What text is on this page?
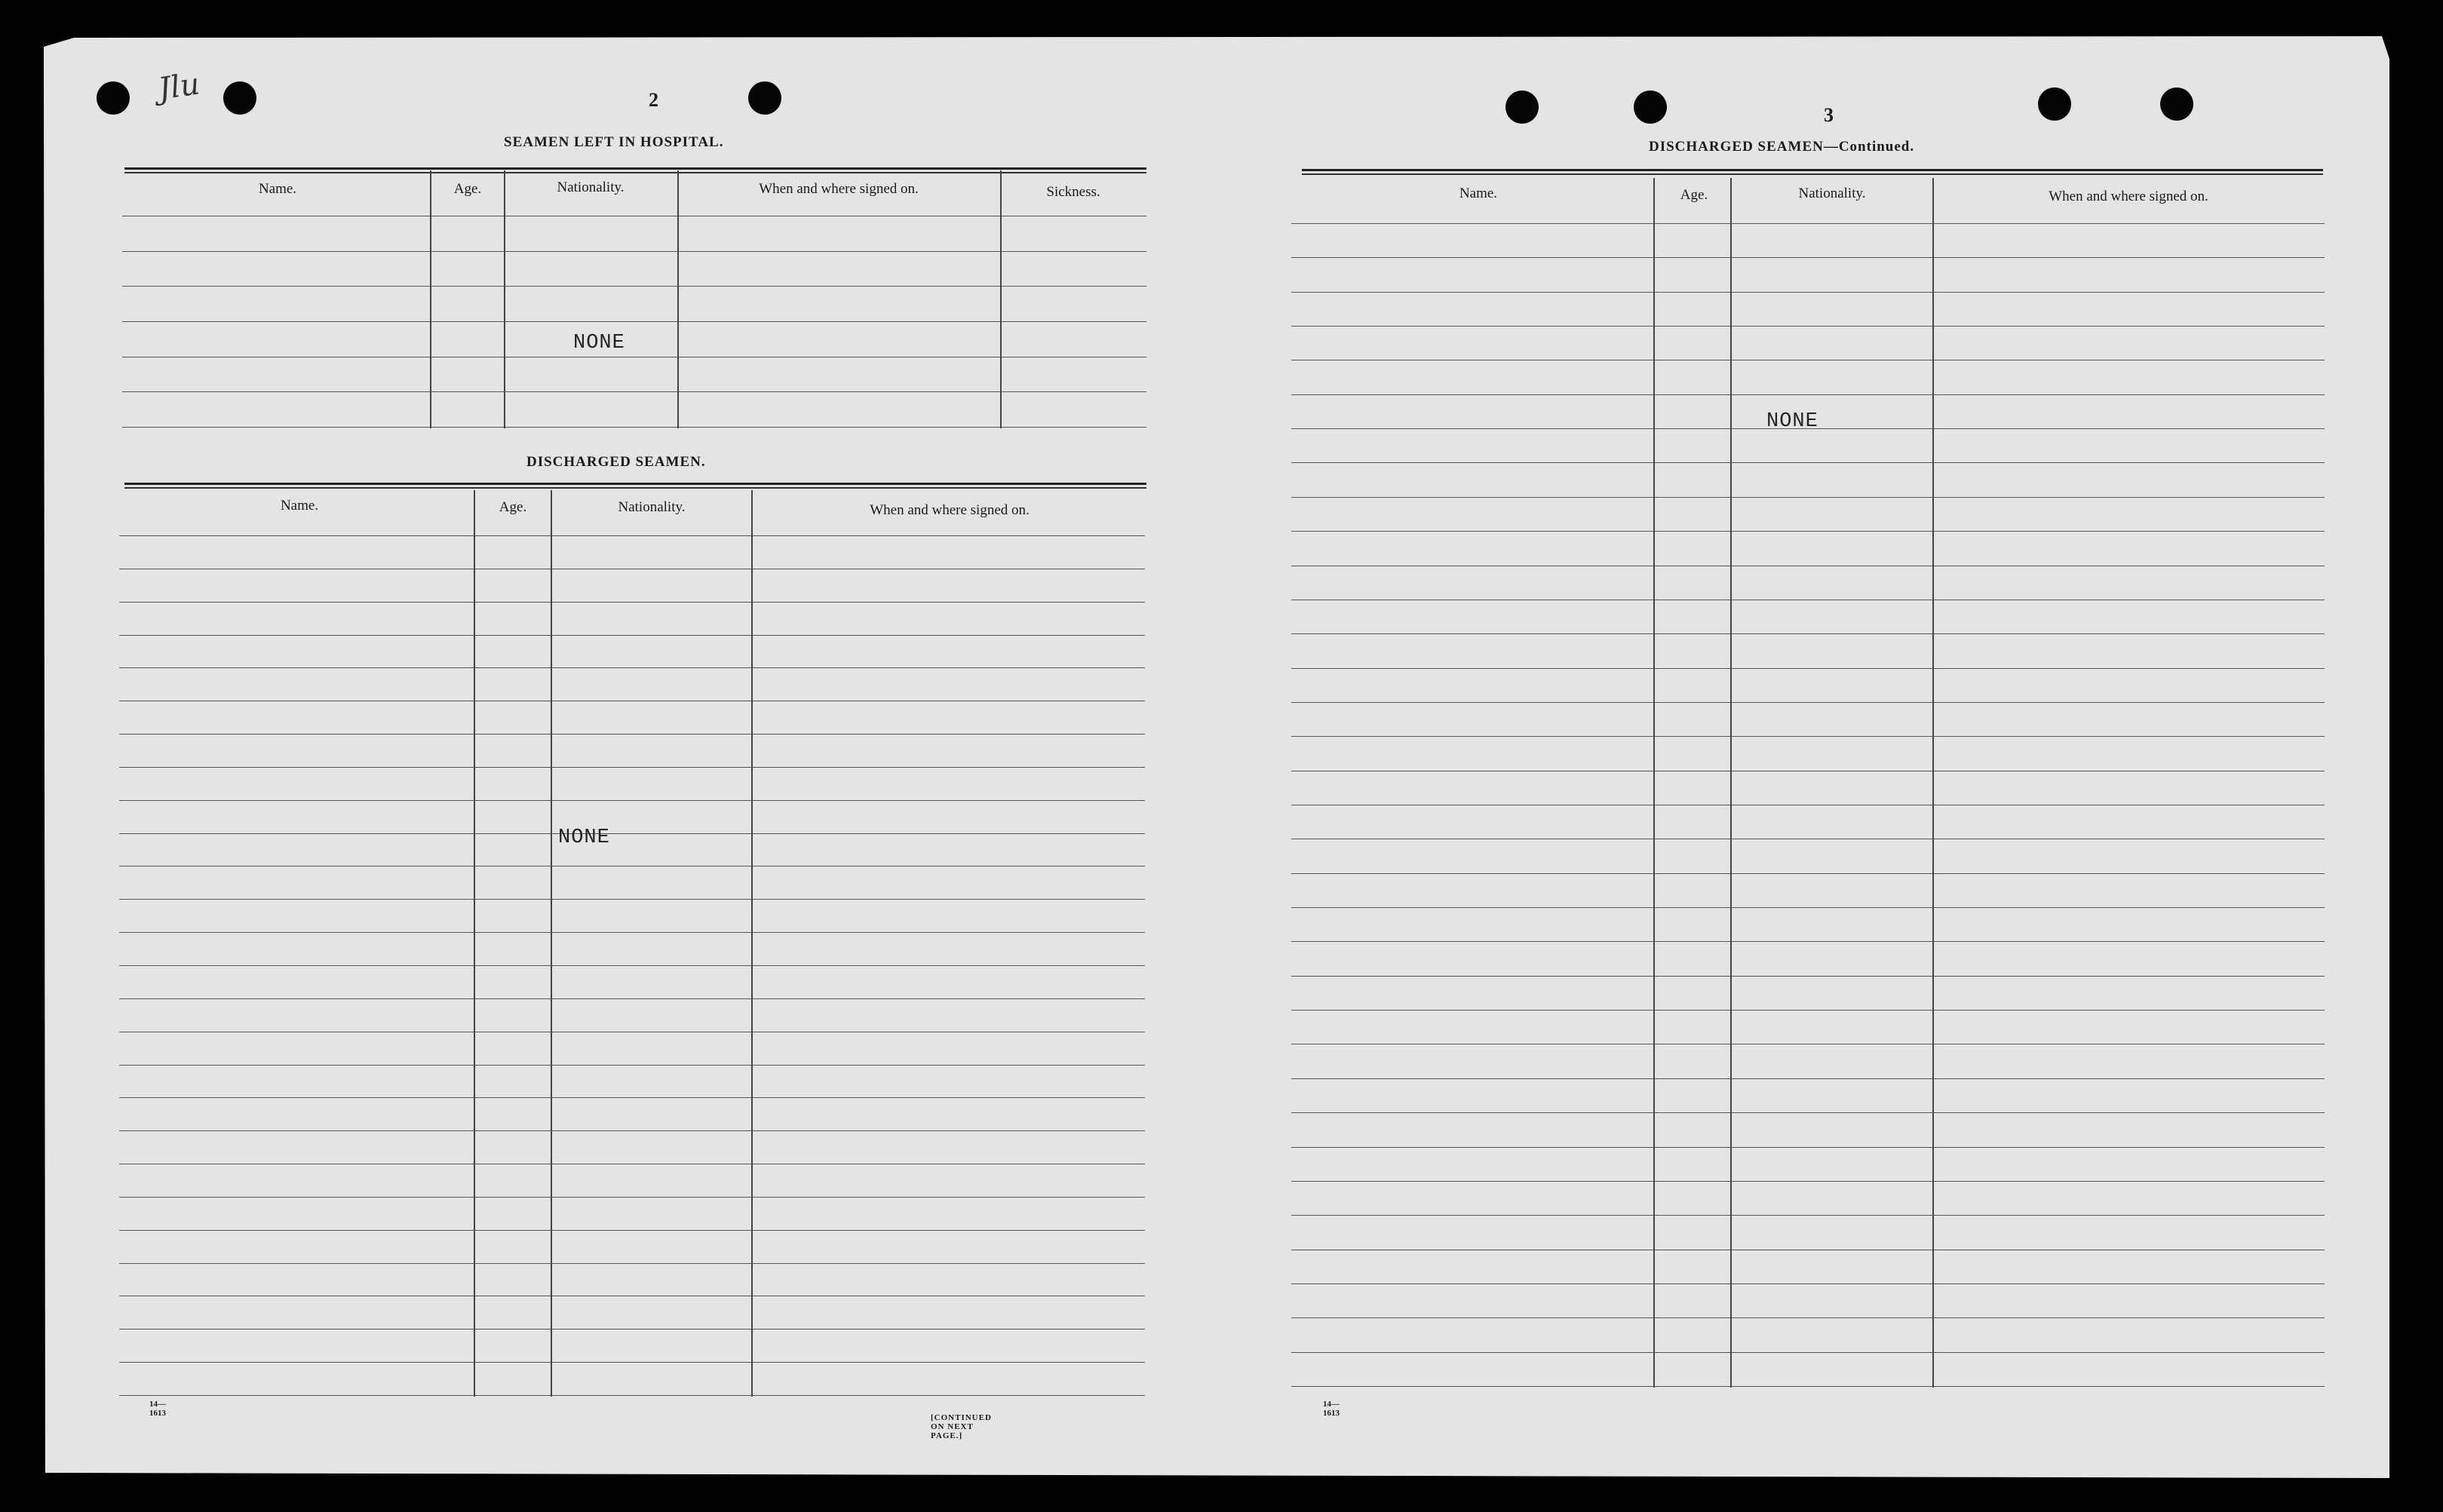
Jlu	2
SEAMEN LEFT IN HOSPITAL.
Name.	Age.	Nationality.	When and where signed on.	Sickness.
NONE
DISCHARGED SEAMEN.
Name.	Age.	Nationality.	When and where signed on.
NONE
14—1613	[CONTINUED ON NEXT PAGE.]
3
DISCHARGED SEAMEN—Continued.
Name.	Age.	Nationality.	When and where signed on.
NONE
14—1613
